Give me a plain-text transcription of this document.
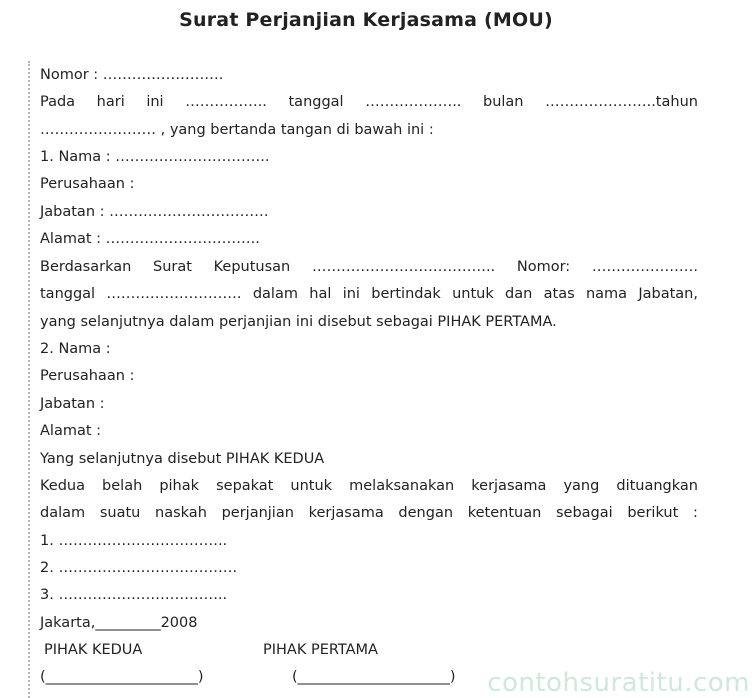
Surat Perjanjian Kerjasama (MOU)
Nomor : …………………….
Pada hari ini …………….. tanggal ……………….. bulan …………………..tahun
…………………… , yang bertanda tangan di bawah ini :
1. Nama : …………………………..
Perusahaan :
Jabatan : ……………………………
Alamat : …………………………..
Berdasarkan Surat Keputusan ……………………………….. Nomor: ………………….
tanggal ………………………. dalam hal ini bertindak untuk dan atas nama Jabatan,
yang selanjutnya dalam perjanjian ini disebut sebagai PIHAK PERTAMA.
2. Nama :
Perusahaan :
Jabatan :
Alamat :
Yang selanjutnya disebut PIHAK KEDUA
Kedua belah pihak sepakat untuk melaksanakan kerjasama yang dituangkan
dalam suatu naskah perjanjian kerjasama dengan ketentuan sebagai berikut :
1. ……………………………..
2. ……………………………….
3. ……………………………..
Jakarta,_________2008
PIHAK KEDUA	PIHAK PERTAMA
(_____________________)	(_____________________) contohsuratitu.com
